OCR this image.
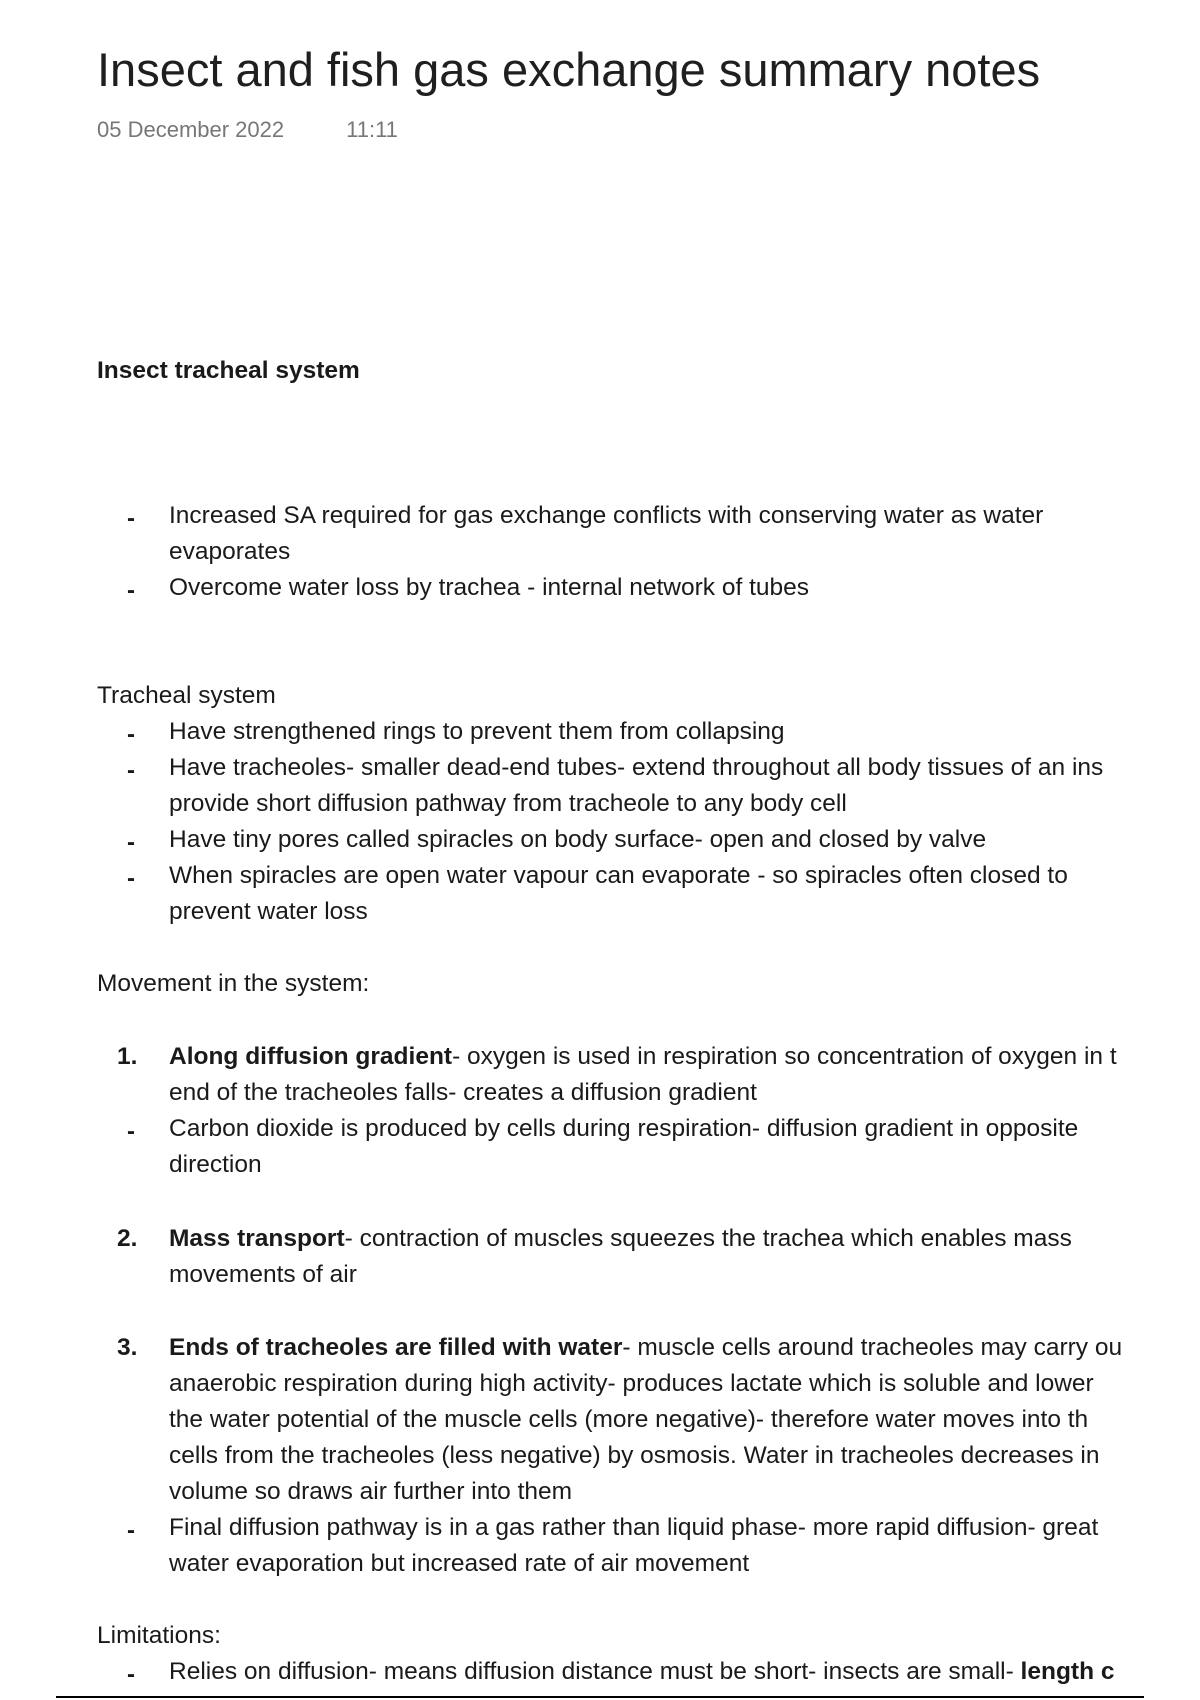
Insect and fish gas exchange summary notes
05 December 2022	11:11
Insect tracheal system
- Increased SA required for gas exchange conflicts with conserving water as water
evaporates
- Overcome water loss by trachea - internal network of tubes
Tracheal system
- Have strengthened rings to prevent them from collapsing
- Have tracheoles- smaller dead-end tubes- extend throughout all body tissues of an ins
provide short diffusion pathway from tracheole to any body cell
- Have tiny pores called spiracles on body surface- open and closed by valve
- When spiracles are open water vapour can evaporate - so spiracles often closed to
prevent water loss
Movement in the system:
1. Along diffusion gradient- oxygen is used in respiration so concentration of oxygen in t
end of the tracheoles falls- creates a diffusion gradient
- Carbon dioxide is produced by cells during respiration- diffusion gradient in opposite
direction
2. Mass transport- contraction of muscles squeezes the trachea which enables mass
movements of air
3. Ends of tracheoles are filled with water- muscle cells around tracheoles may carry ou
anaerobic respiration during high activity- produces lactate which is soluble and lower
the water potential of the muscle cells (more negative)- therefore water moves into th
cells from the tracheoles (less negative) by osmosis. Water in tracheoles decreases in
volume so draws air further into them
- Final diffusion pathway is in a gas rather than liquid phase- more rapid diffusion- great
water evaporation but increased rate of air movement
Limitations:
- Relies on diffusion- means diffusion distance must be short- insects are small- length c
